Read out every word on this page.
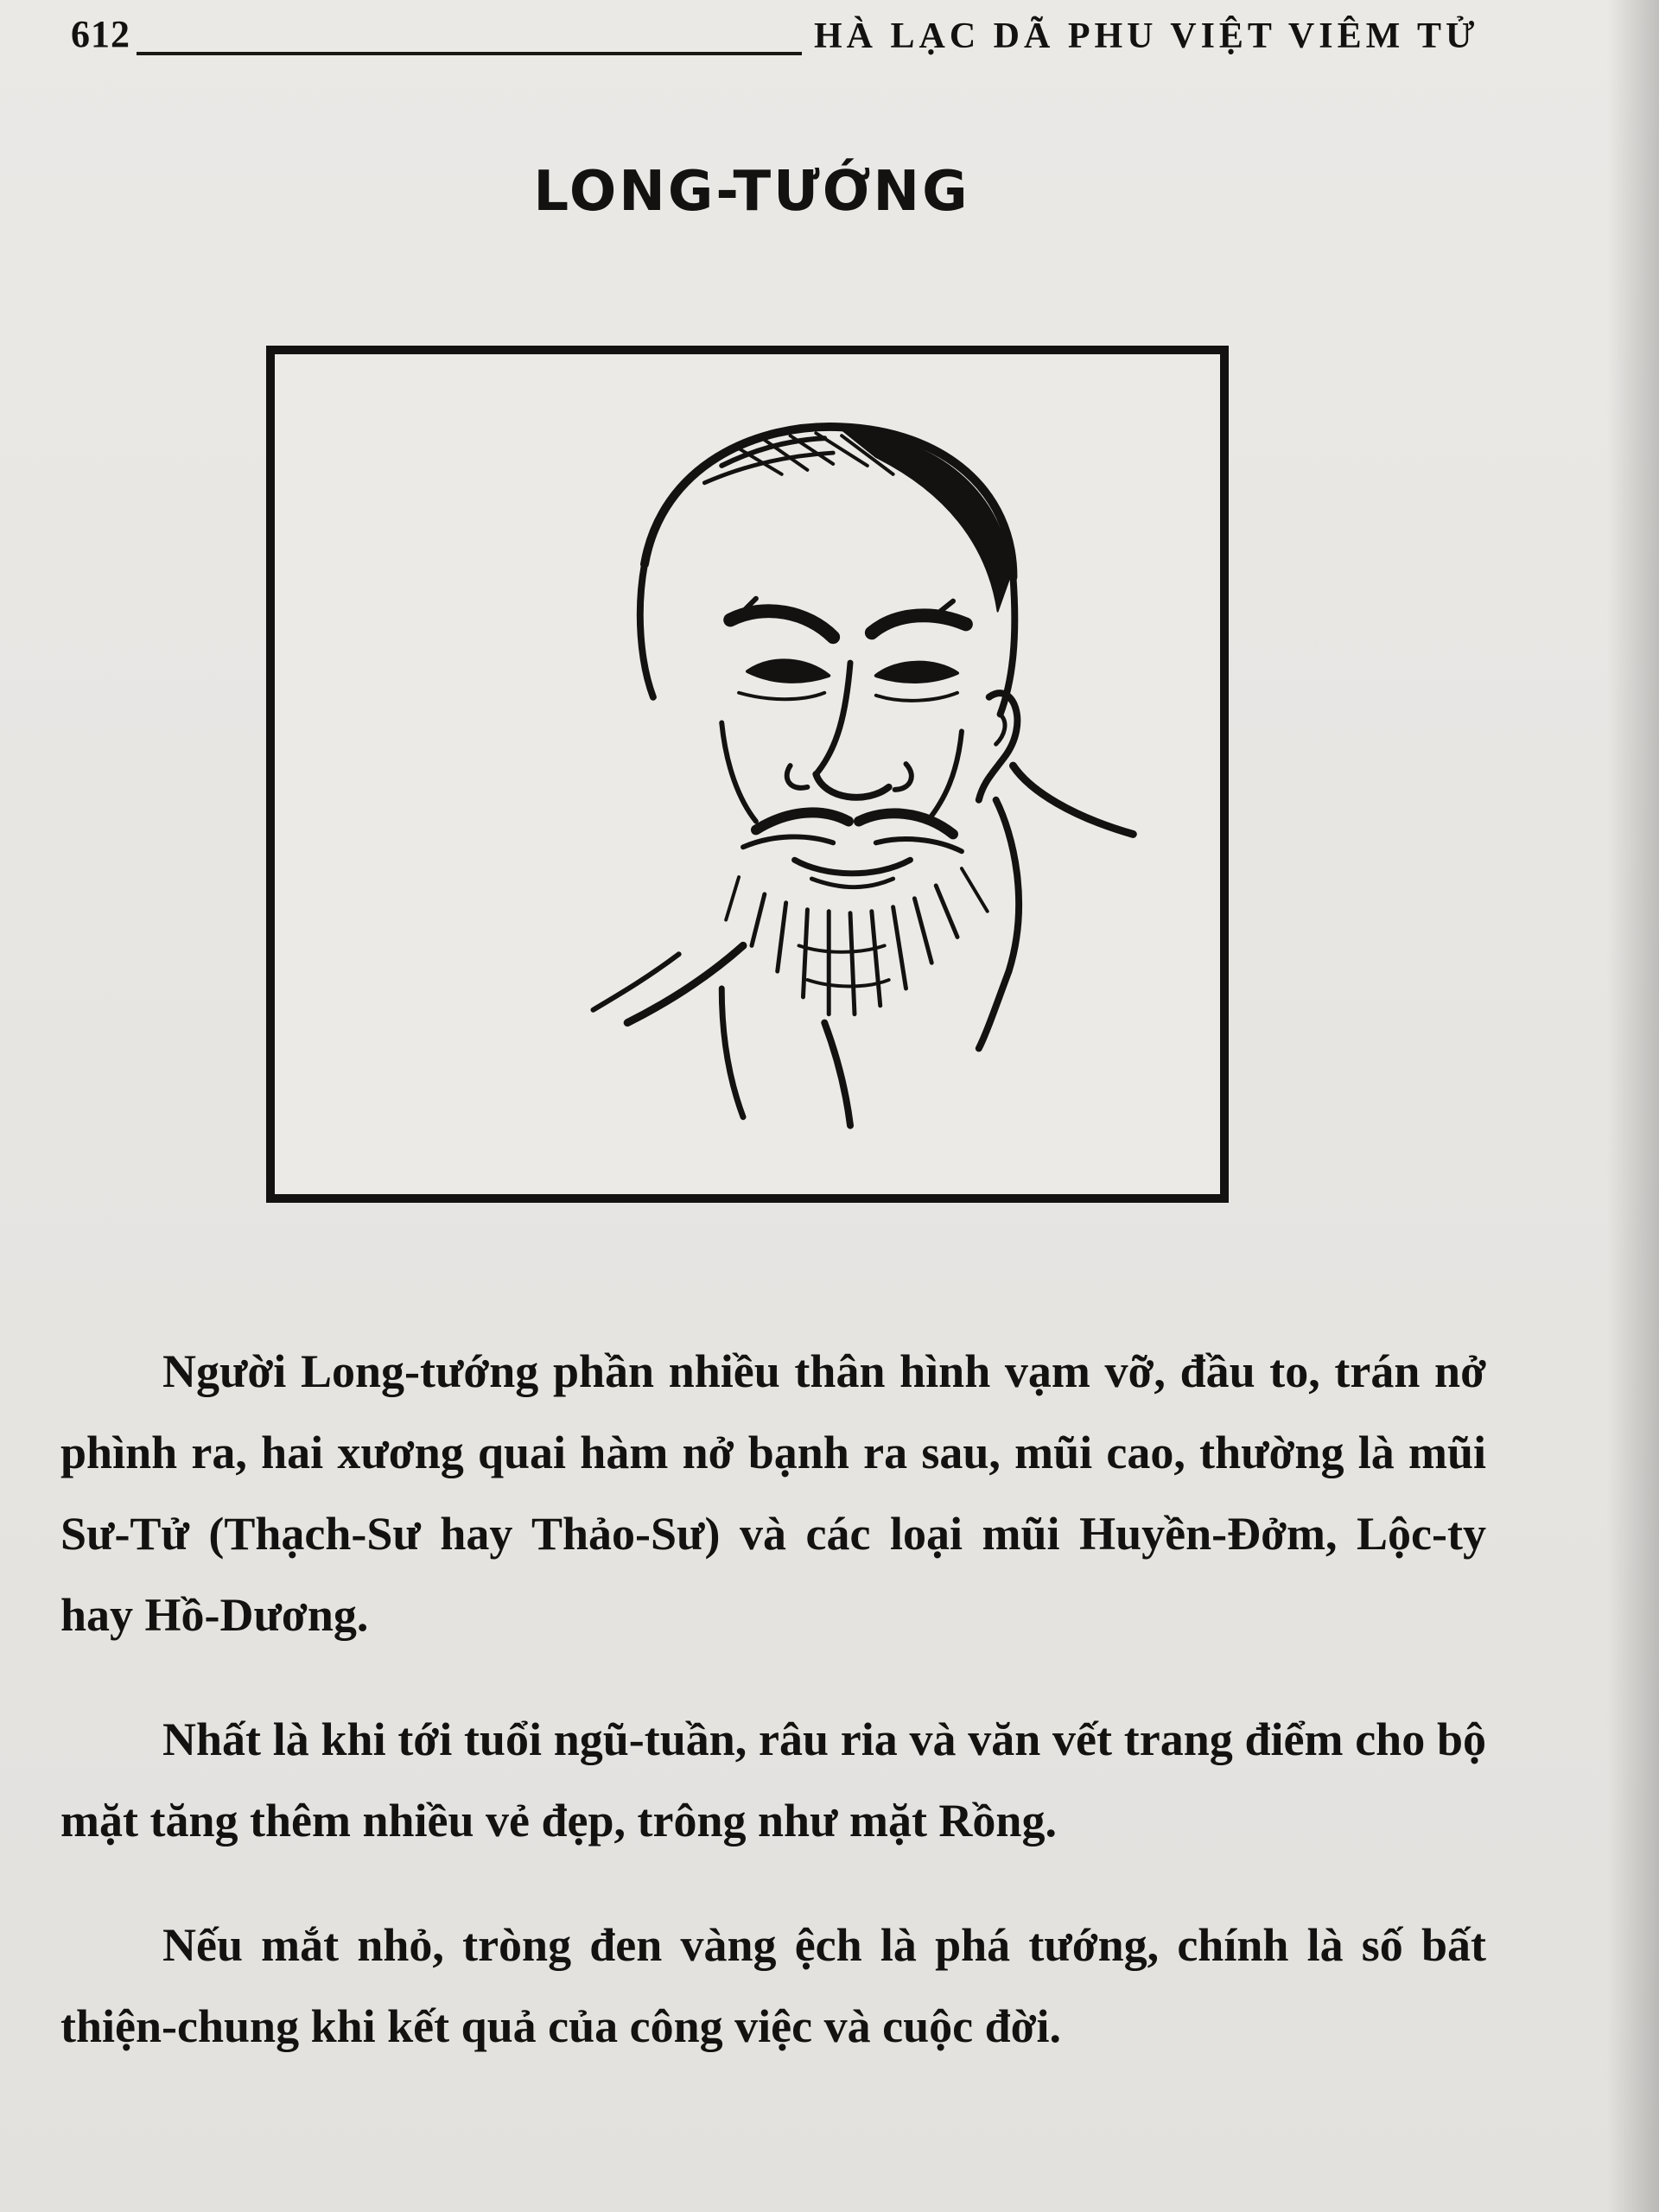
612	HÀ LẠC DÃ PHU VIỆT VIÊM TỬ
LONG-TƯỚNG

Người Long-tướng phần nhiều thân hình vạm vỡ, đầu to, trán nở phình ra, hai xương quai hàm nở bạnh ra sau, mũi cao, thường là mũi Sư-Tử (Thạch-Sư hay Thảo-Sư) và các loại mũi Huyền-Đởm, Lộc-ty hay Hồ-Dương.

Nhất là khi tới tuổi ngũ-tuần, râu ria và văn vết trang điểm cho bộ mặt tăng thêm nhiều vẻ đẹp, trông như mặt Rồng.

Nếu mắt nhỏ, tròng đen vàng ệch là phá tướng, chính là số bất thiện-chung khi kết quả của công việc và cuộc đời.
